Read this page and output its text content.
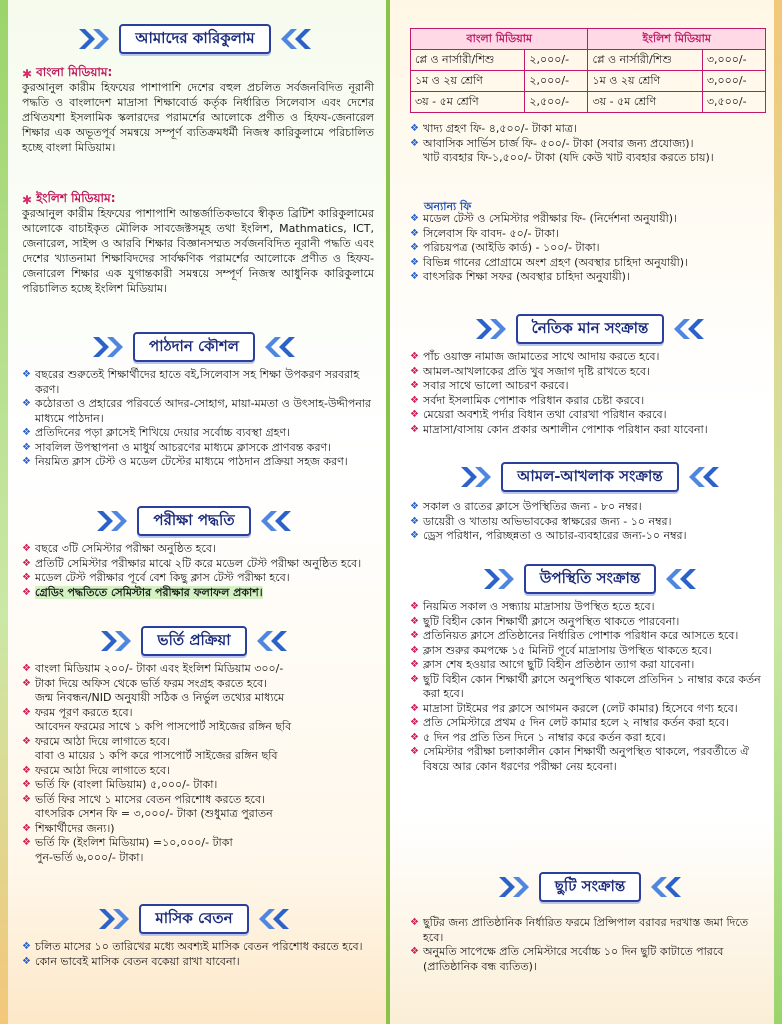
আমাদের কারিকুলাম
✱ বাংলা মিডিয়াম:
কুরআনুল কারীম হিফযের পাশাপাশি দেশের বহুল প্রচলিত সর্বজনবিদিত নূরানী পদ্ধতি ও বাংলাদেশ মাদ্রাসা শিক্ষাবোর্ড কর্তৃক নির্ধারিত সিলেবাস এবং দেশের প্রথিতযশা ইসলামিক স্কলারদের পরামর্শের আলোকে প্রণীত ও হিফয-জেনারেল শিক্ষার এক অভূতপূর্ব সমন্বয়ে সম্পূর্ণ ব্যতিক্রমধর্মী নিজস্ব কারিকুলামে পরিচালিত হচ্ছে বাংলা মিডিয়াম।
✱ ইংলিশ মিডিয়াম:
কুরআনুল কারীম হিফযের পাশাপাশি আন্তর্জাতিকভাবে স্বীকৃত ব্রিটিশ কারিকুলামের আলোকে বাচাইকৃত মৌলিক সাবজেক্টসমূহ তথা ইংলিশ, Mathmatics, ICT, জেনারেল, সাইন্স ও আরবি শিক্ষার বিজ্ঞানসম্মত সর্বজনবিদিত নূরানী পদ্ধতি এবং দেশের খ্যাতনামা শিক্ষাবিদদের সার্বক্ষণিক পরামর্শের আলোকে প্রণীত ও হিফয-জেনারেল শিক্ষার এক যুগান্তকারী সমন্বয়ে সম্পূর্ণ নিজস্ব আধুনিক কারিকুলামে পরিচালিত হচ্ছে ইংলিশ মিডিয়াম।
পাঠদান কৌশল
❖ বছরের শুরুতেই শিক্ষার্থীদের হাতে বই,সিলেবাস সহ শিক্ষা উপকরণ সরবরাহ করণ।
❖ কঠোরতা ও প্রহারের পরিবর্তে আদর-সোহাগ, মায়া-মমতা ও উৎসাহ-উদ্দীপনার মাধ্যমে পাঠদান।
❖ প্রতিদিনের পড়া ক্লাসেই শিখিয়ে দেয়ার সর্বোচ্চ ব্যবস্থা গ্রহণ।
❖ সাবলিল উপস্থাপনা ও মাধুর্য আচরণের মাধ্যমে ক্লাসকে প্রাণবন্ত করণ।
❖ নিয়মিত ক্লাস টেস্ট ও মডেল টেস্টের মাধ্যমে পাঠদান প্রক্রিয়া সহজ করণ।
পরীক্ষা পদ্ধতি
❖ বছরে ৩টি সেমিস্টার পরীক্ষা অনুষ্ঠিত হবে।
❖ প্রতিটি সেমিস্টার পরীক্ষার মাঝে ২টি করে মডেল টেস্ট পরীক্ষা অনুষ্ঠিত হবে।
❖ মডেল টেস্ট পরীক্ষার পূর্বে বেশ কিছু ক্লাস টেস্ট পরীক্ষা হবে।
❖ গ্রেডিং পদ্ধতিতে সেমিস্টার পরীক্ষার ফলাফল প্রকাশ।
ভর্তি প্রক্রিয়া
❖ বাংলা মিডিয়াম ২০০/- টাকা এবং ইংলিশ মিডিয়াম ৩০০/-
❖ টাকা দিয়ে অফিস থেকে ভর্তি ফরম সংগ্রহ করতে হবে।
জন্ম নিবন্ধন/NID অনুযায়ী সঠিক ও নির্ভুল তথ্যের মাধ্যমে
❖ ফরম পূরণ করতে হবে।
আবেদন ফরমের সাথে ১ কপি পাসপোর্ট সাইজের রঙ্গিন ছবি
❖ ফরমে আঠা দিয়ে লাগাতে হবে।
বাবা ও মায়ের ১ কপি করে পাসপোর্ট সাইজের রঙ্গিন ছবি
❖ ফরমে আঠা দিয়ে লাগাতে হবে।
❖ ভর্তি ফি (বাংলা মিডিয়াম) ৫,০০০/- টাকা।
❖ ভর্তি ফির সাথে ১ মাসের বেতন পরিশোধ করতে হবে।
বাৎসরিক সেশন ফি = ৩,০০০/- টাকা (শুধুমাত্র পুরাতন
❖ শিক্ষার্থীদের জন্য।)
❖ ভর্তি ফি (ইংলিশ মিডিয়াম) =১০,০০০/- টাকা
পুন-ভর্তি ৬,০০০/- টাকা।
মাসিক বেতন
❖ চলিত মাসের ১০ তারিখের মধ্যে অবশ্যই মাসিক বেতন পরিশোধ করতে হবে।
❖ কোন ভাবেই মাসিক বেতন বকেয়া রাখা যাবেনা।
বাংলা মিডিয়াম		ইংলিশ মিডিয়াম	
প্লে ও নার্সারী/শিশু	২,০০০/-	প্লে ও নার্সারী/শিশু	৩,০০০/-
১ম ও ২য় শ্রেণি	২,০০০/-	১ম ও ২য় শ্রেণি	৩,০০০/-
৩য় - ৫ম শ্রেণি	২,৫০০/-	৩য় - ৫ম শ্রেণি	৩,৫০০/-
❖ খাদ্য গ্রহণ ফি- ৪,৫০০/- টাকা মাত্র।
❖ আবাসিক সার্ভিস চার্জ ফি- ৫০০/- টাকা (সবার জন্য প্রযোজ্য)।
খাট ব্যবহার ফি-১,৫০০/- টাকা (যদি কেউ খাট ব্যবহার করতে চায়)।
অন্যান্য ফি
❖ মডেল টেস্ট ও সেমিস্টার পরীক্ষার ফি- (নির্দেশনা অনুযায়ী)।
❖ সিলেবাস ফি বাবদ- ৫০/- টাকা।
❖ পরিচয়পত্র (আইডি কার্ড) - ১০০/- টাকা।
❖ বিভিন্ন গানের প্রোগ্রামে অংশ গ্রহণ (অবস্থার চাহিদা অনুযায়ী)।
❖ বাৎসরিক শিক্ষা সফর (অবস্থার চাহিদা অনুযায়ী)।
নৈতিক মান সংক্রান্ত
❖ পাঁচ ওয়াক্ত নামাজ জামাতের সাথে আদায় করতে হবে।
❖ আমল-আখলাকের প্রতি খুব সজাগ দৃষ্টি রাখতে হবে।
❖ সবার সাথে ভালো আচরণ করবে।
❖ সর্বদা ইসলামিক পোশাক পরিধান করার চেষ্টা করবে।
❖ মেয়েরা অবশ্যই পর্দার বিধান তথা বোরখা পরিধান করবে।
❖ মাদ্রাসা/বাসায় কোন প্রকার অশালীন পোশাক পরিধান করা যাবেনা।
আমল-আখলাক সংক্রান্ত
❖ সকাল ও রাতের ক্লাসে উপস্থিতির জন্য - ৮০ নম্বর।
❖ ডায়েরী ও খাতায় অভিভাবকের স্বাক্ষরের জন্য - ১০ নম্বর।
❖ ড্রেস পরিধান, পরিচ্ছন্নতা ও আচার-ব্যবহারের জন্য-১০ নম্বর।
উপস্থিতি সংক্রান্ত
❖ নিয়মিত সকাল ও সন্ধ্যায় মাদ্রাসায় উপস্থিত হতে হবে।
❖ ছুটি বিহীন কোন শিক্ষার্থী ক্লাসে অনুপস্থিত থাকতে পারবেনা।
❖ প্রতিনিয়ত ক্লাসে প্রতিষ্ঠানের নির্ধারিত পোশাক পরিধান করে আসতে হবে।
❖ ক্লাস শুরুর কমপক্ষে ১৫ মিনিট পূর্বে মাদ্রাসায় উপস্থিত থাকতে হবে।
❖ ক্লাস শেষ হওয়ার আগে ছুটি বিহীন প্রতিষ্ঠান ত্যাগ করা যাবেনা।
❖ ছুটি বিহীন কোন শিক্ষার্থী ক্লাসে অনুপস্থিত থাকলে প্রতিদিন ১ নাম্বার করে কর্তন করা হবে।
❖ মাদ্রাসা টাইমের পর ক্লাসে আগমন করলে (লেট কামার) হিসেবে গণ্য হবে।
❖ প্রতি সেমিস্টারে প্রথম ৫ দিন লেট কামার হলে ২ নাম্বার কর্তন করা হবে।
❖ ৫ দিন পর প্রতি তিন দিনে ১ নাম্বার করে কর্তন করা হবে।
❖ সেমিস্টার পরীক্ষা চলাকালীন কোন শিক্ষার্থী অনুপস্থিত থাকলে, পরবর্তীতে ঐ বিষয়ে আর কোন ধরণের পরীক্ষা নেয় হবেনা।
ছুটি সংক্রান্ত
❖ ছুটির জন্য প্রাতিষ্ঠানিক নির্ধারিত ফরমে প্রিন্সিপাল বরাবর দরখাস্ত জমা দিতে হবে।
❖ অনুমতি সাপেক্ষে প্রতি সেমিস্টারে সর্বোচ্চ ১০ দিন ছুটি কাটাতে পারবে (প্রাতিষ্ঠানিক বন্ধ ব্যতিত)।
